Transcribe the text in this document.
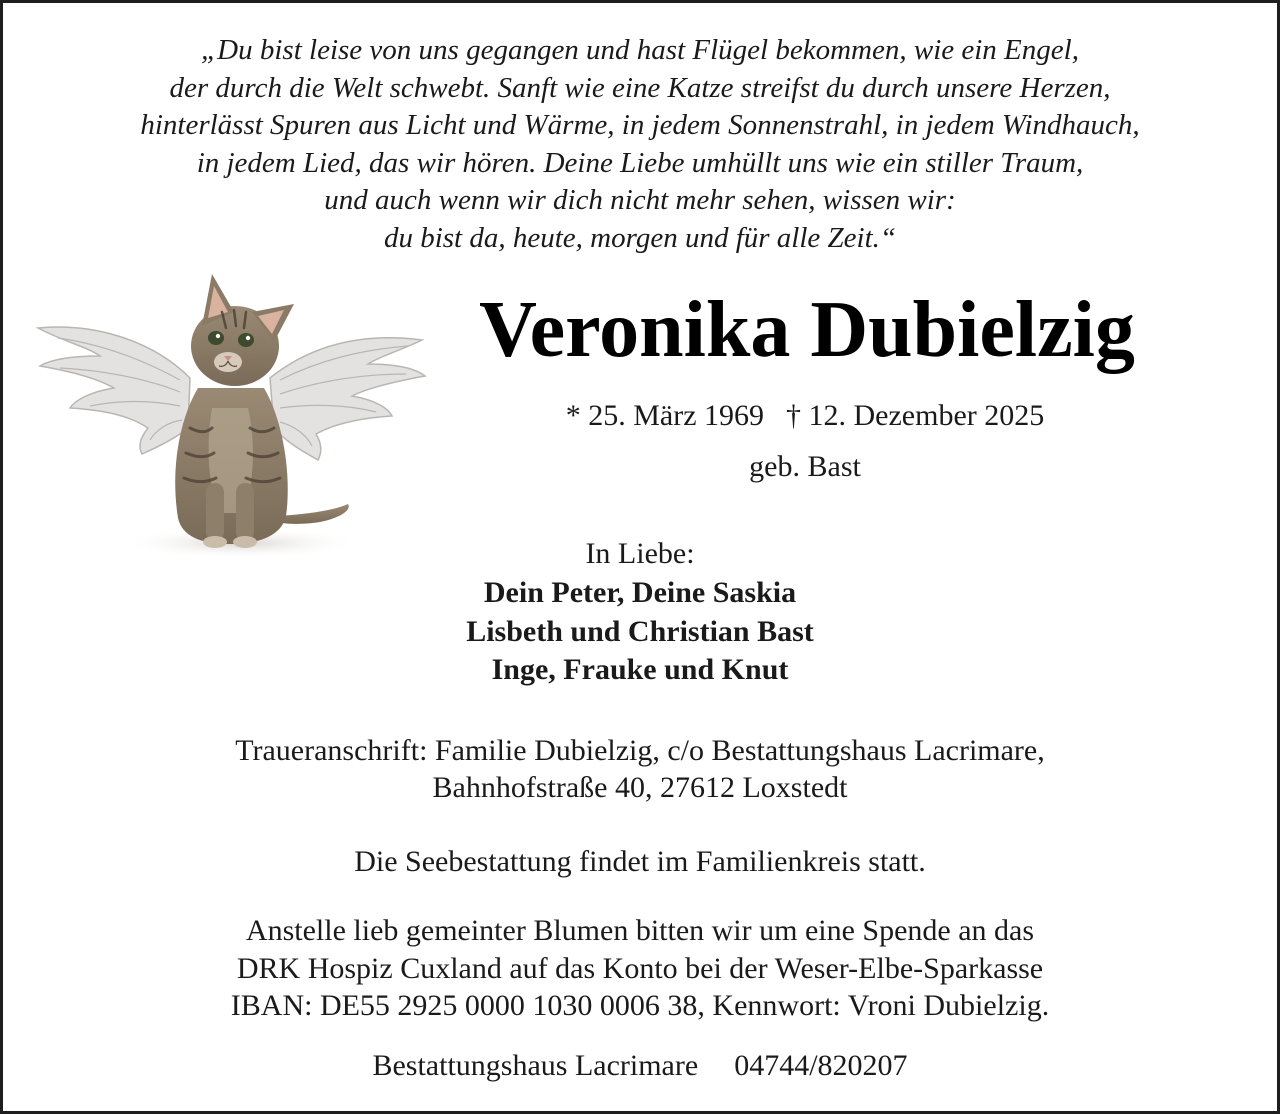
„Du bist leise von uns gegangen und hast Flügel bekommen, wie ein Engel,
der durch die Welt schwebt. Sanft wie eine Katze streifst du durch unsere Herzen,
hinterlässt Spuren aus Licht und Wärme, in jedem Sonnenstrahl, in jedem Windhauch,
in jedem Lied, das wir hören. Deine Liebe umhüllt uns wie ein stiller Traum,
und auch wenn wir dich nicht mehr sehen, wissen wir:
du bist da, heute, morgen und für alle Zeit.“
Veronika Dubielzig
* 25. März 1969 † 12. Dezember 2025
geb. Bast
In Liebe:
Dein Peter, Deine Saskia
Lisbeth und Christian Bast
Inge, Frauke und Knut
Traueranschrift: Familie Dubielzig, c/o Bestattungshaus Lacrimare,
Bahnhofstraße 40, 27612 Loxstedt
Die Seebestattung findet im Familienkreis statt.
Anstelle lieb gemeinter Blumen bitten wir um eine Spende an das
DRK Hospiz Cuxland auf das Konto bei der Weser-Elbe-Sparkasse
IBAN: DE55 2925 0000 1030 0006 38, Kennwort: Vroni Dubielzig.
Bestattungshaus Lacrimare 04744/820207
